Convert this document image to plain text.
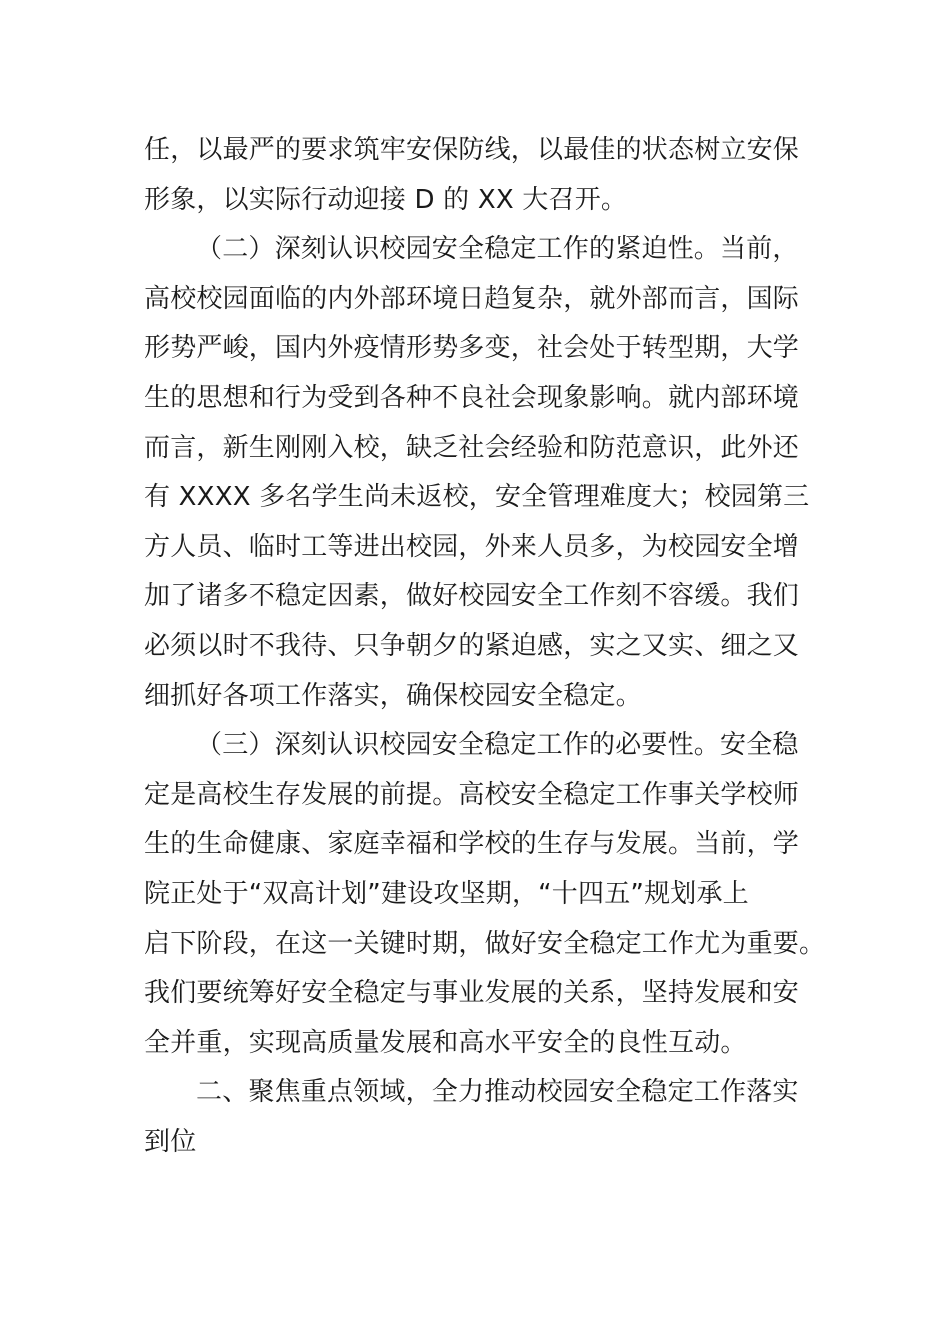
任，以最严的要求筑牢安保防线，以最佳的状态树立安保
形象，以实际行动迎接 D 的 XX 大召开。
（二）深刻认识校园安全稳定工作的紧迫性。当前，
高校校园面临的内外部环境日趋复杂，就外部而言，国际
形势严峻，国内外疫情形势多变，社会处于转型期，大学
生的思想和行为受到各种不良社会现象影响。就内部环境
而言，新生刚刚入校，缺乏社会经验和防范意识，此外还
有 XXXX 多名学生尚未返校，安全管理难度大；校园第三
方人员、临时工等进出校园，外来人员多，为校园安全增
加了诸多不稳定因素，做好校园安全工作刻不容缓。我们
必须以时不我待、只争朝夕的紧迫感，实之又实、细之又
细抓好各项工作落实，确保校园安全稳定。
（三）深刻认识校园安全稳定工作的必要性。安全稳
定是高校生存发展的前提。高校安全稳定工作事关学校师
生的生命健康、家庭幸福和学校的生存与发展。当前，学
院正处于“双高计划”建设攻坚期，“十四五”规划承上
启下阶段，在这一关键时期，做好安全稳定工作尤为重要。
我们要统筹好安全稳定与事业发展的关系，坚持发展和安
全并重，实现高质量发展和高水平安全的良性互动。
二、聚焦重点领域，全力推动校园安全稳定工作落实
到位
